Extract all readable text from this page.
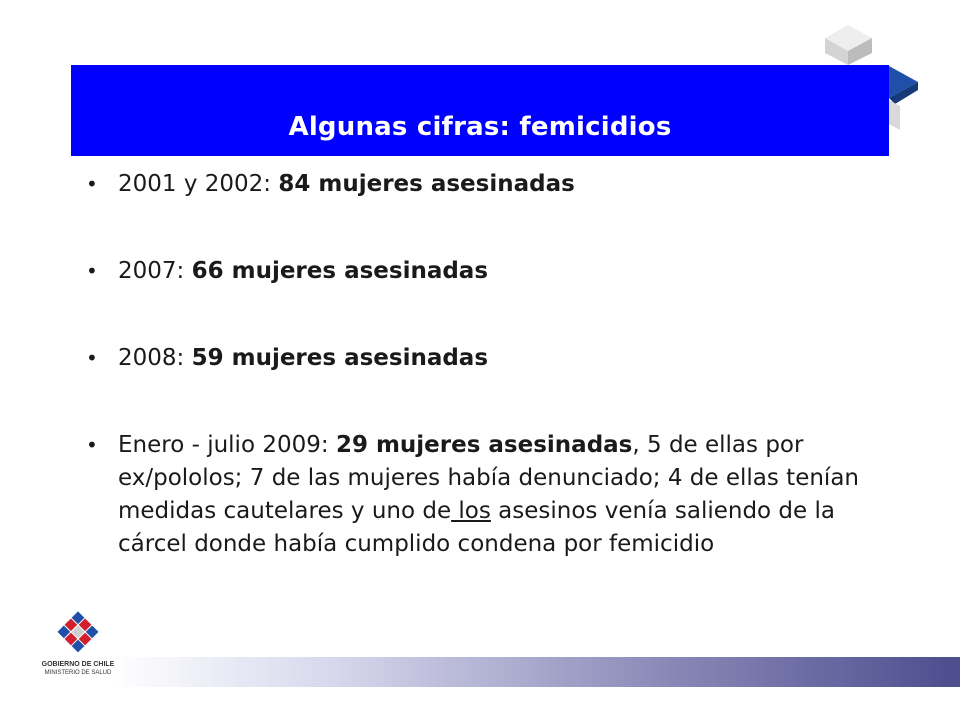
Algunas cifras: femicidios
• 2001 y 2002: 84 mujeres asesinadas
• 2007: 66 mujeres asesinadas
• 2008: 59 mujeres asesinadas
• Enero - julio 2009: 29 mujeres asesinadas, 5 de ellas por ex/pololos; 7 de las mujeres había denunciado; 4 de ellas tenían medidas cautelares y uno de los asesinos venía saliendo de la cárcel donde había cumplido condena por femicidio
GOBIERNO DE CHILE
MINISTERIO DE SALUD
